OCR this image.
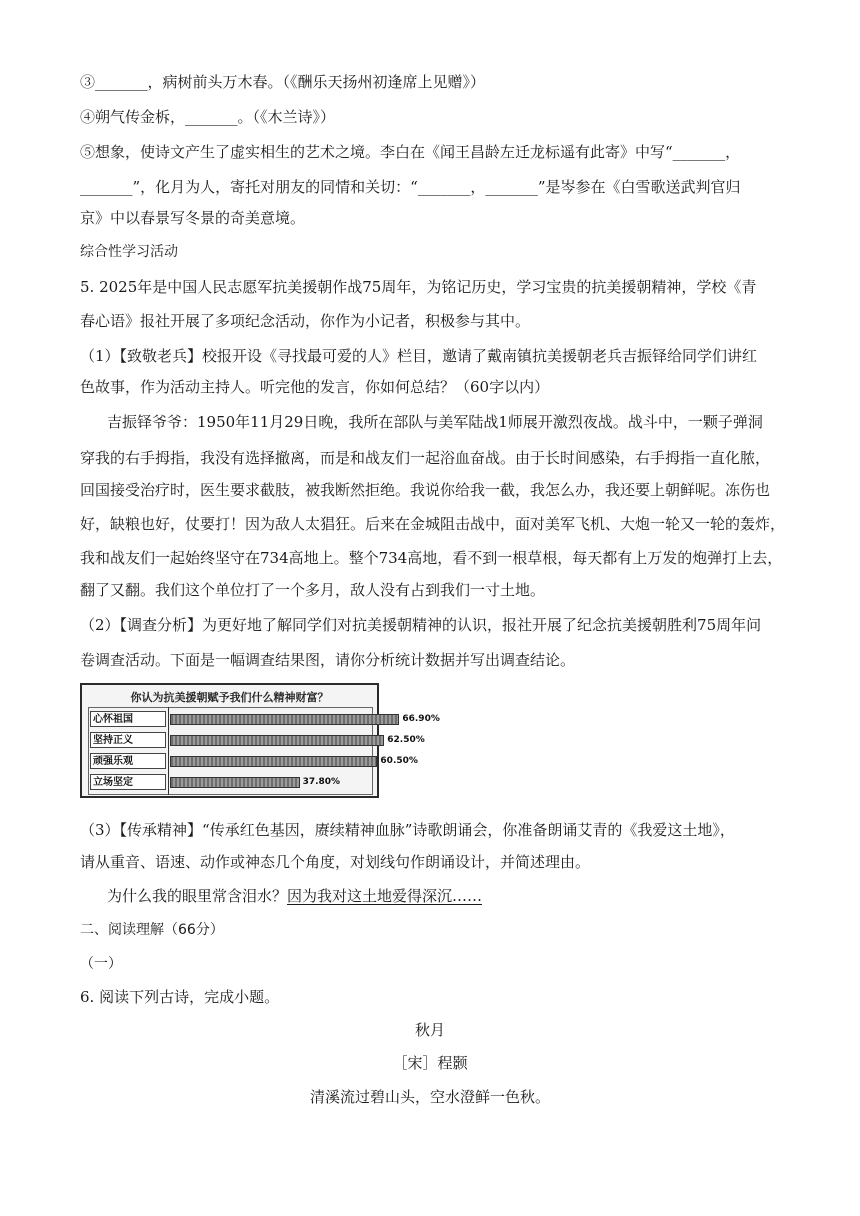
③_______，病树前头万木春。（《酬乐天扬州初逢席上见赠》）
④朔气传金柝，_______。（《木兰诗》）
⑤想象，使诗文产生了虚实相生的艺术之境。李白在《闻王昌龄左迁龙标遥有此寄》中写“_______，
_______”，化月为人，寄托对朋友的同情和关切：“_______，_______”是岑参在《白雪歌送武判官归
京》中以春景写冬景的奇美意境。
综合性学习活动
5. 2025年是中国人民志愿军抗美援朝作战75周年，为铭记历史，学习宝贵的抗美援朝精神，学校《青
春心语》报社开展了多项纪念活动，你作为小记者，积极参与其中。
（1）【致敬老兵】校报开设《寻找最可爱的人》栏目，邀请了戴南镇抗美援朝老兵吉振铎给同学们讲红
色故事，作为活动主持人。听完他的发言，你如何总结？（60字以内）
吉振铎爷爷：1950年11月29日晚，我所在部队与美军陆战1师展开激烈夜战。战斗中，一颗子弹洞
穿我的右手拇指，我没有选择撤离，而是和战友们一起浴血奋战。由于长时间感染，右手拇指一直化脓，
回国接受治疗时，医生要求截肢，被我断然拒绝。我说你给我一截，我怎么办，我还要上朝鲜呢。冻伤也
好，缺粮也好，仗要打！因为敌人太猖狂。后来在金城阻击战中，面对美军飞机、大炮一轮又一轮的轰炸，
我和战友们一起始终坚守在734高地上。整个734高地，看不到一根草根，每天都有上万发的炮弹打上去，
翻了又翻。我们这个单位打了一个多月，敌人没有占到我们一寸土地。
（2）【调查分析】为更好地了解同学们对抗美援朝精神的认识，报社开展了纪念抗美援朝胜利75周年问
卷调查活动。下面是一幅调查结果图，请你分析统计数据并写出调查结论。
你认为抗美援朝赋予我们什么精神财富？
心怀祖国	66.90%
坚持正义	62.50%
顽强乐观	60.50%
立场坚定	37.80%
（3）【传承精神】“传承红色基因，赓续精神血脉”诗歌朗诵会，你准备朗诵艾青的《我爱这土地》，
请从重音、语速、动作或神态几个角度，对划线句作朗诵设计，并简述理由。
为什么我的眼里常含泪水？因为我对这土地爱得深沉……
二、阅读理解（66分）
（一）
6. 阅读下列古诗，完成小题。
秋月
［宋］程颢
清溪流过碧山头，空水澄鲜一色秋。
